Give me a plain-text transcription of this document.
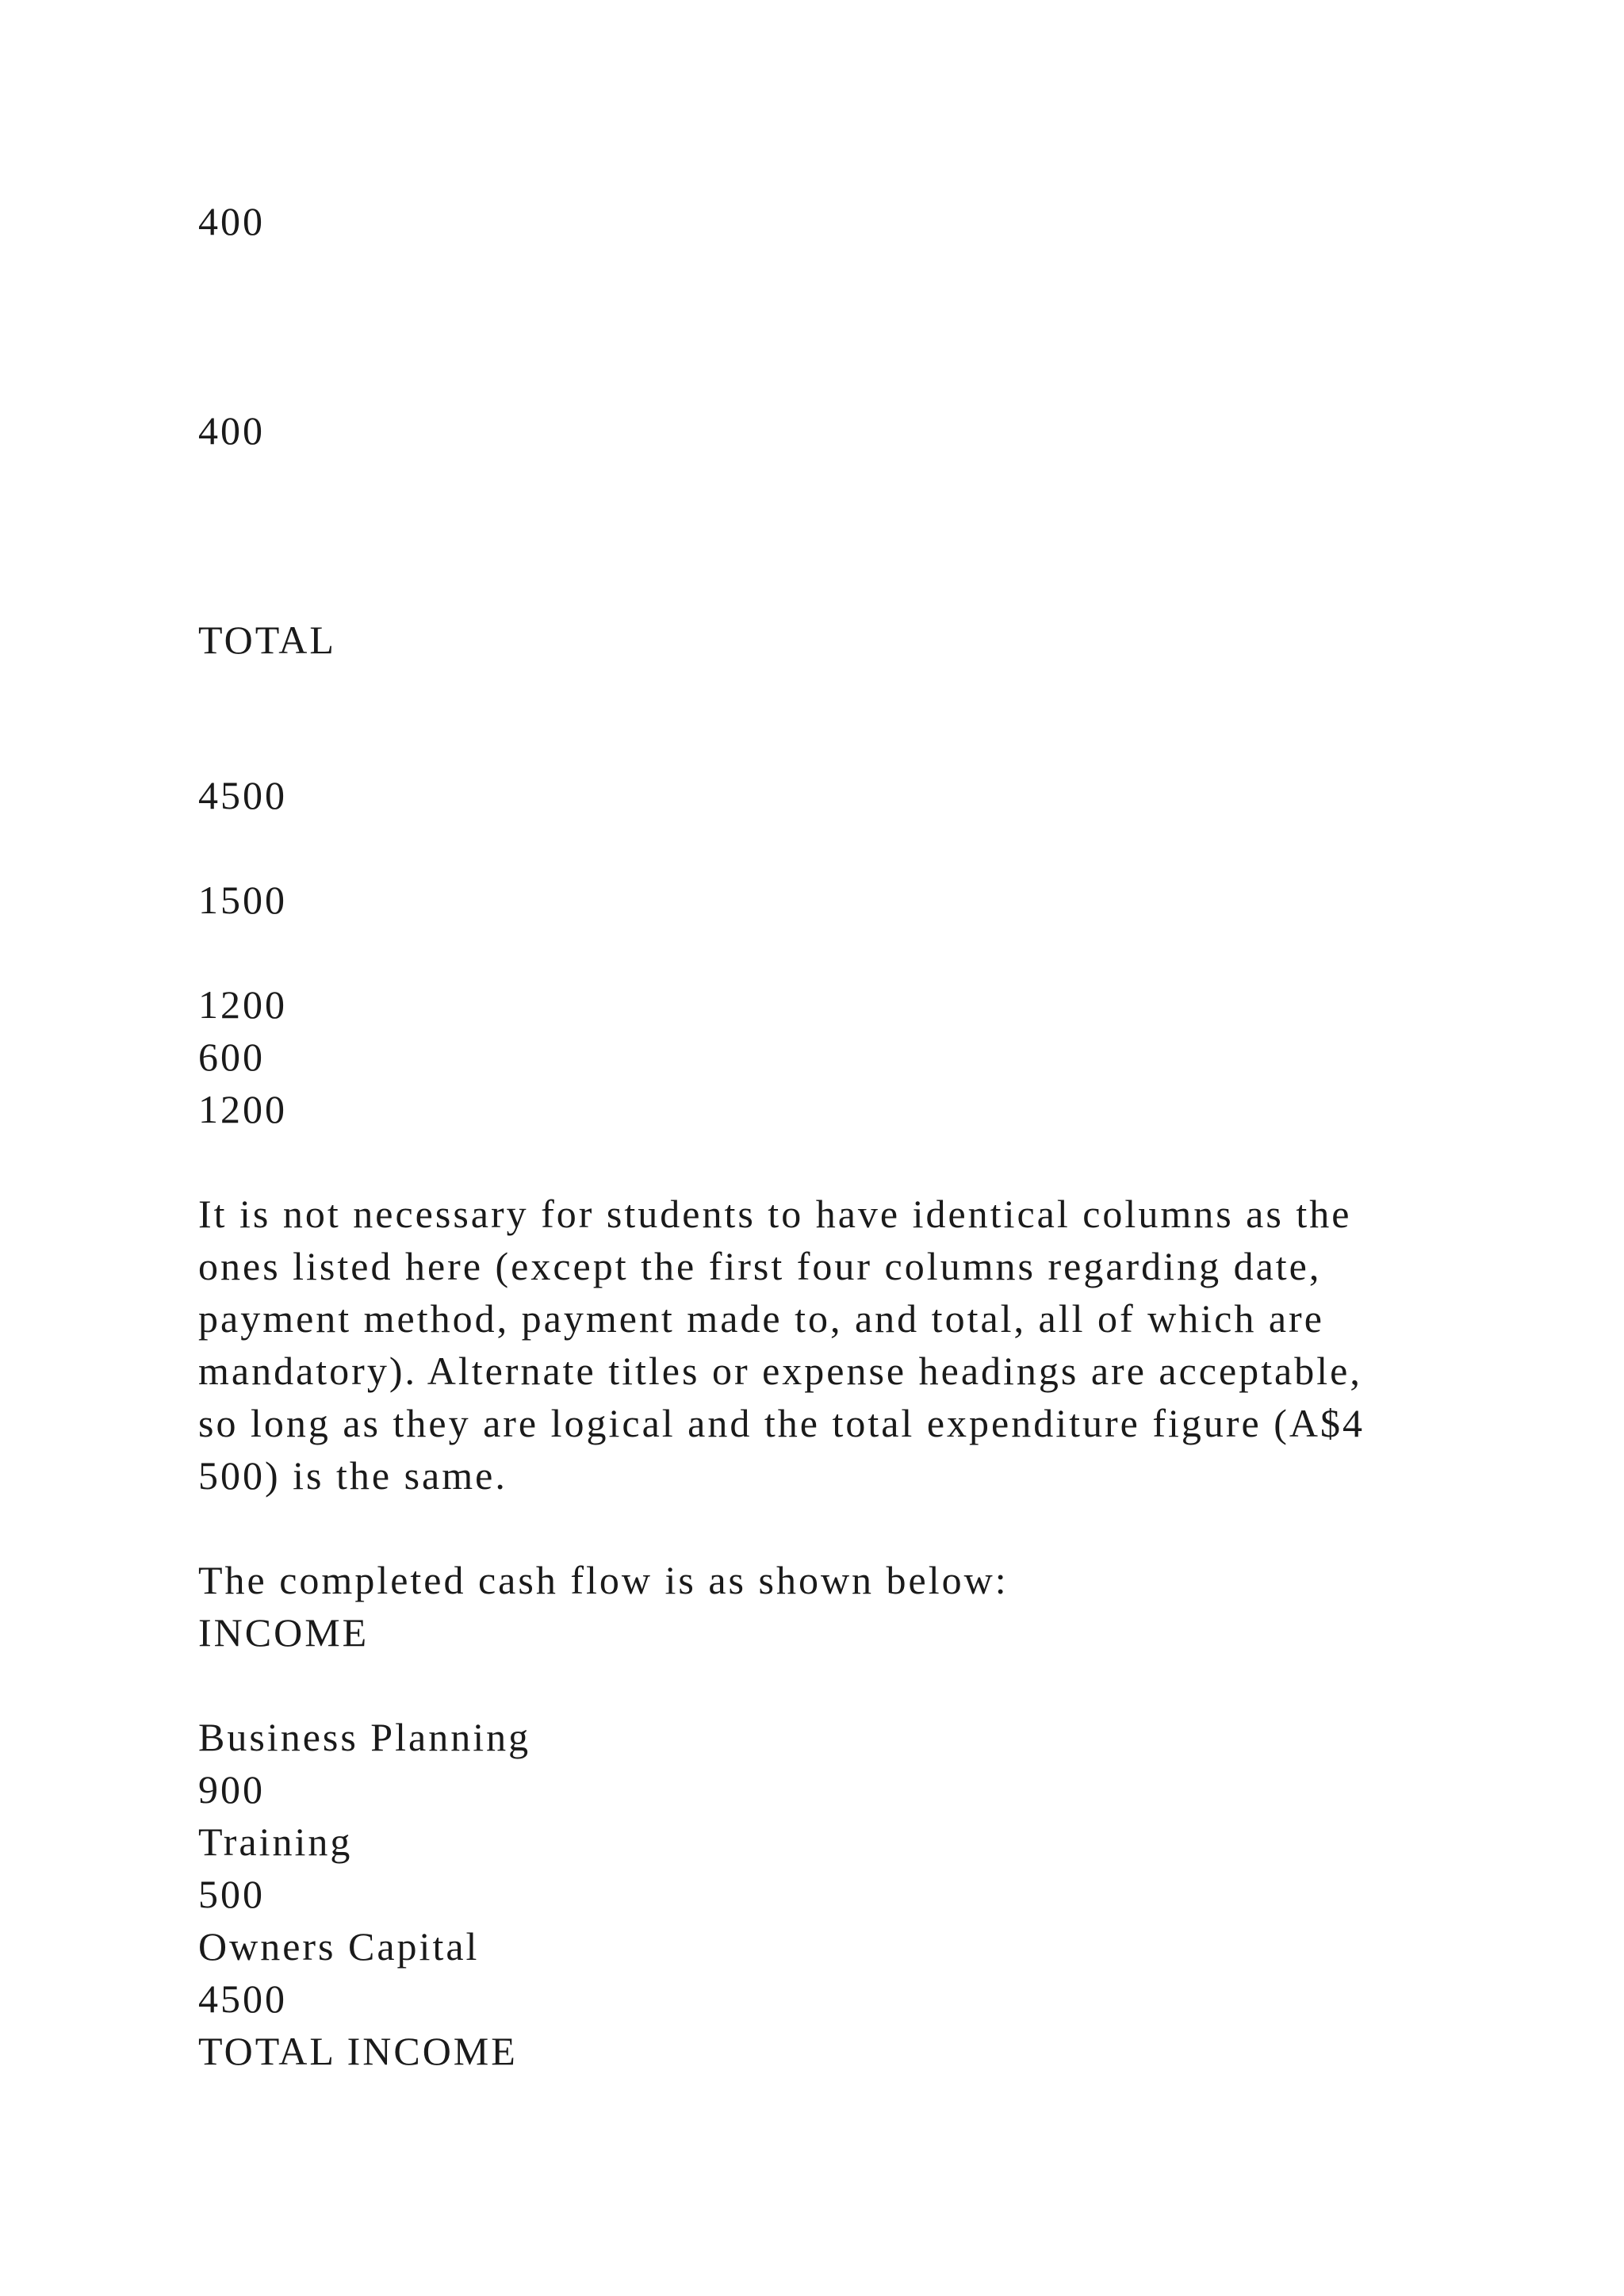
400

400

TOTAL

4500

1500

1200

600

1200

It is not necessary for students to have identical columns as the

ones listed here (except the first four columns regarding date,

payment method, payment made to, and total, all of which are

mandatory). Alternate titles or expense headings are acceptable,

so long as they are logical and the total expenditure figure (A$4

500) is the same.

The completed cash flow is as shown below:

INCOME

Business Planning

900

Training

500

Owners Capital

4500

TOTAL INCOME
